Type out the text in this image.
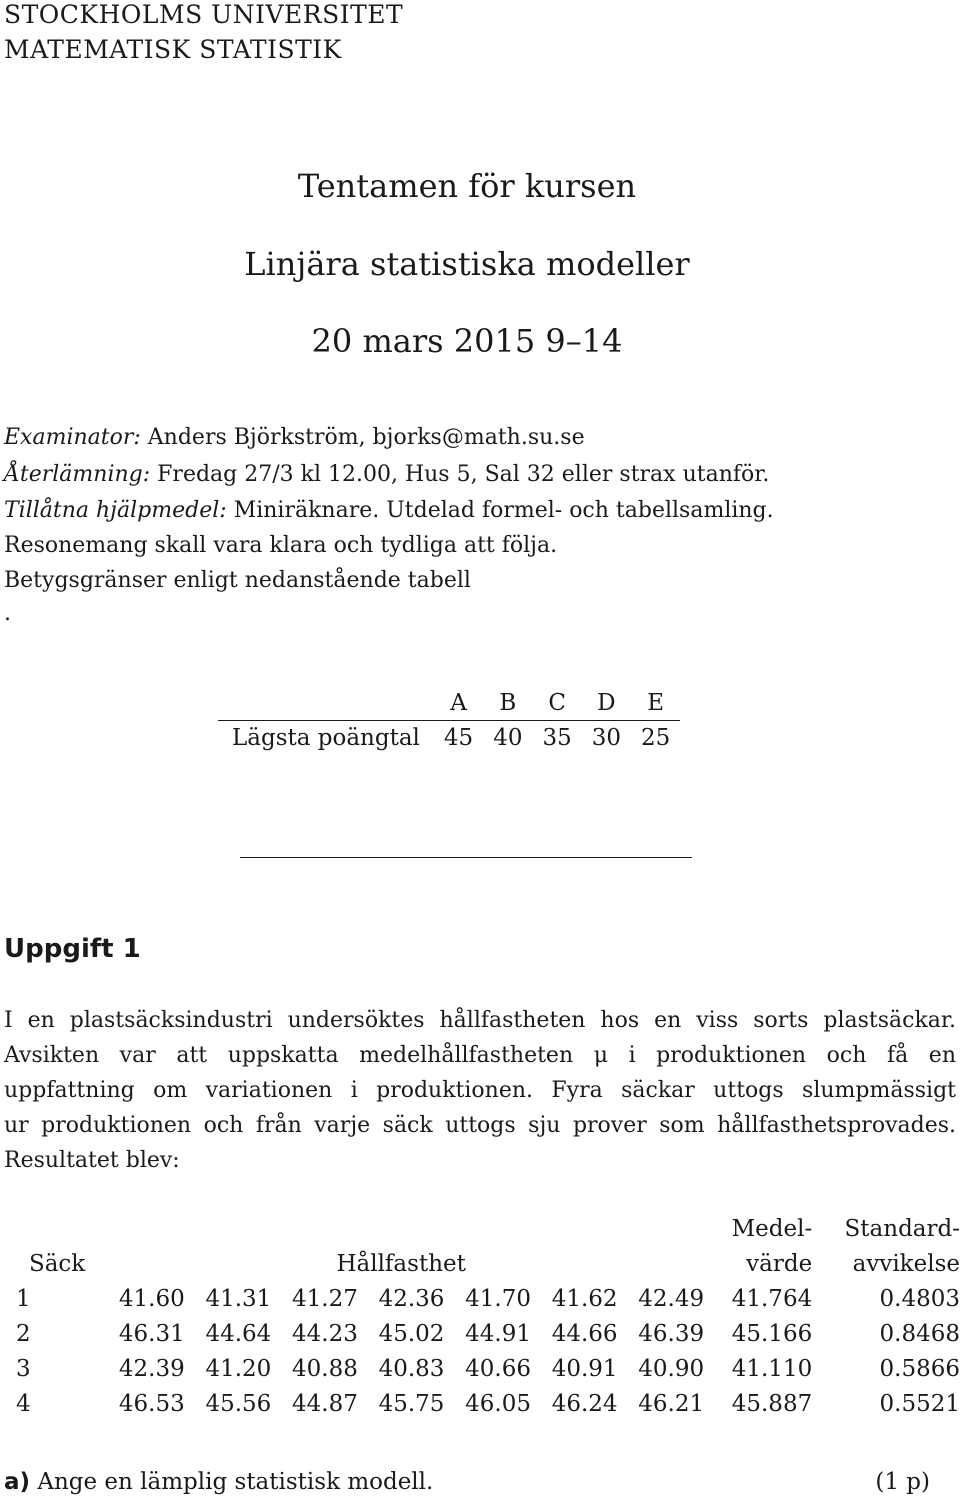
STOCKHOLMS UNIVERSITET
MATEMATISK STATISTIK
Tentamen för kursen
Linjära statistiska modeller
20 mars 2015 9–14
Examinator: Anders Björkström, bjorks@math.su.se
Återlämning: Fredag 27/3 kl 12.00, Hus 5, Sal 32 eller strax utanför.
Tillåtna hjälpmedel: Miniräknare. Utdelad formel- och tabellsamling.
Resonemang skall vara klara och tydliga att följa.
Betygsgränser enligt nedanstående tabell
.
	A	B	C	D	E
Lägsta poängtal	45	40	35	30	25
Uppgift 1
I en plastsäcksindustri undersöktes hållfastheten hos en viss sorts plastsäckar.
Avsikten var att uppskatta medelhållfastheten μ i produktionen och få en
uppfattning om variationen i produktionen. Fyra säckar uttogs slumpmässigt
ur produktionen och från varje säck uttogs sju prover som hållfasthetsprovades.
Resultatet blev:
								Medel-	Standard-
Säck	Hållfasthet							värde	avvikelse
1	41.60	41.31	41.27	42.36	41.70	41.62	42.49	41.764	0.4803
2	46.31	44.64	44.23	45.02	44.91	44.66	46.39	45.166	0.8468
3	42.39	41.20	40.88	40.83	40.66	40.91	40.90	41.110	0.5866
4	46.53	45.56	44.87	45.75	46.05	46.24	46.21	45.887	0.5521
a) Ange en lämplig statistisk modell.	(1 p)
